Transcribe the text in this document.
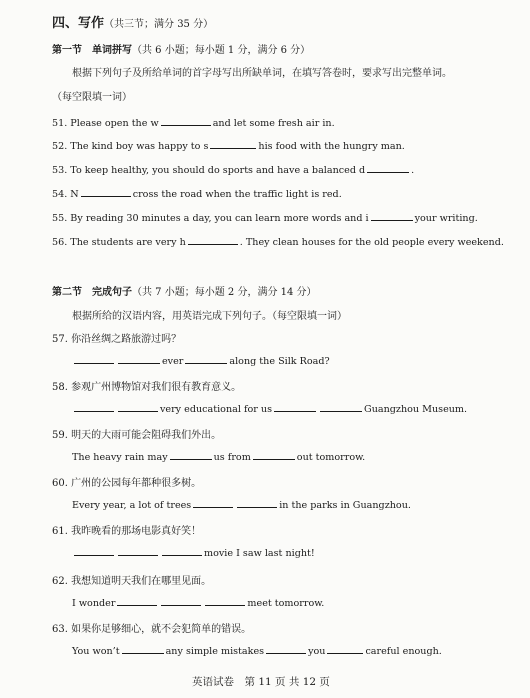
四、写作（共三节；满分 35 分）
第一节　单词拼写（共 6 小题；每小题 1 分，满分 6 分）
根据下列句子及所给单词的首字母写出所缺单词，在填写答卷时，要求写出完整单词。
（每空限填一词）
51. Please open the w	and let some fresh air in.
52. The kind boy was happy to s	his food with the hungry man.
53. To keep healthy, you should do sports and have a balanced d	.
54. N	cross the road when the traffic light is red.
55. By reading 30 minutes a day, you can learn more words and i	your writing.
56. The students are very h	. They clean houses for the old people every weekend.
第二节　完成句子（共 7 小题；每小题 2 分，满分 14 分）
根据所给的汉语内容，用英语完成下列句子。（每空限填一词）
57. 你沿丝绸之路旅游过吗？
ever	along the Silk Road?
58. 参观广州博物馆对我们很有教育意义。
very educational for us	Guangzhou Museum.
59. 明天的大雨可能会阻碍我们外出。
The heavy rain may	us from	out tomorrow.
60. 广州的公园每年都种很多树。
Every year, a lot of trees	in the parks in Guangzhou.
61. 我昨晚看的那场电影真好笑！
movie I saw last night!
62. 我想知道明天我们在哪里见面。
I wonder	meet tomorrow.
63. 如果你足够细心，就不会犯简单的错误。
You won’t	any simple mistakes	you	careful enough.
英语试卷　第 11 页 共 12 页
